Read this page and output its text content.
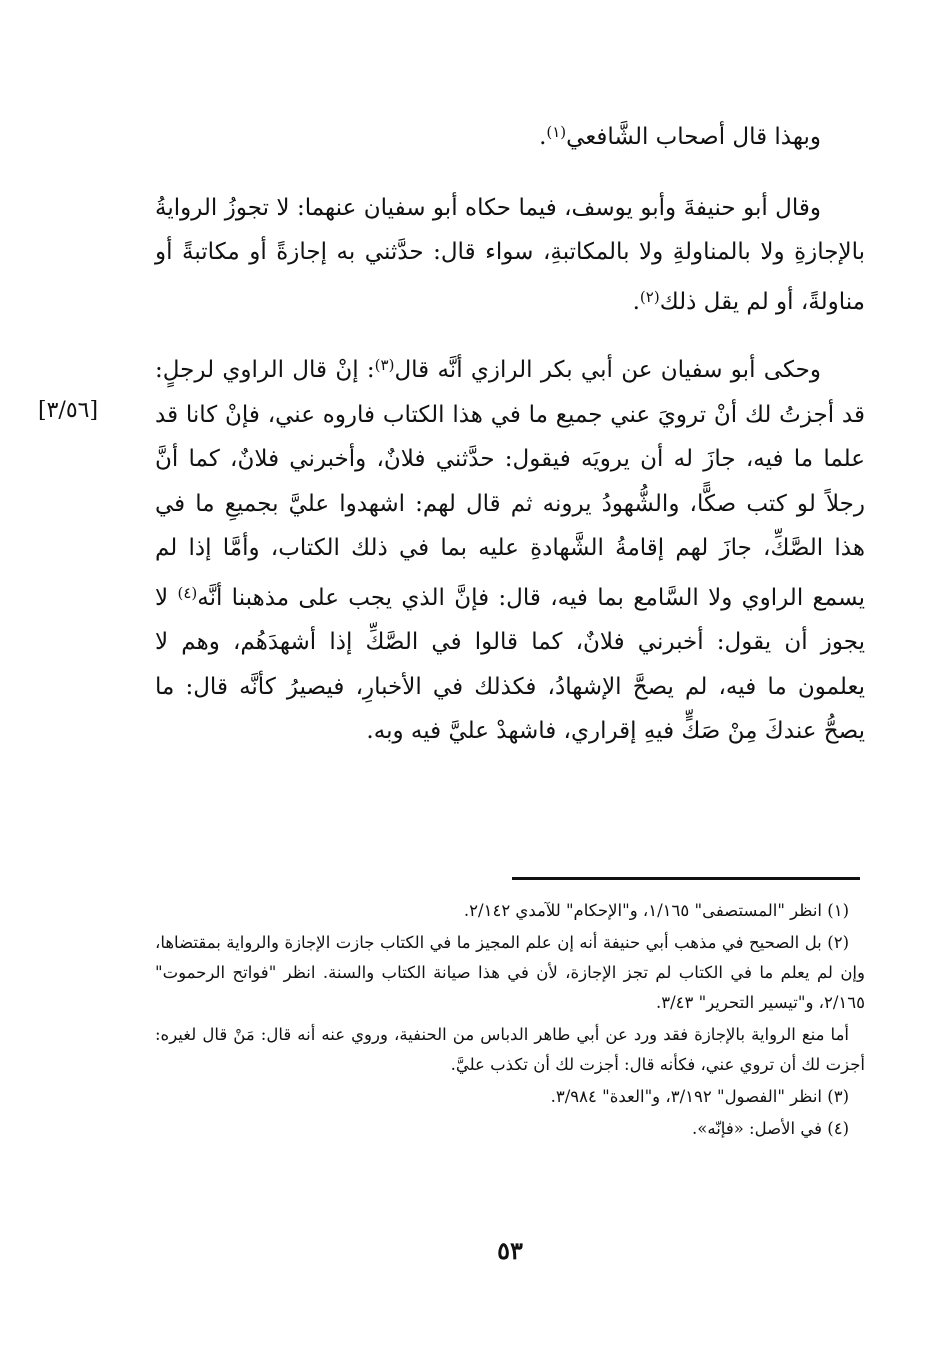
وبهذا قال أصحاب الشَّافعي$^{(١)}$.

وقال أبو حنيفةَ وأبو يوسف، فيما حكاه أبو سفيان عنهما: لا تجوزُ الروايةُ بالإجازةِ ولا بالمناولةِ ولا بالمكاتبةِ، سواء قال: حدَّثني به إجازةً أو مكاتبةً أو مناولةً، أو لم يقل ذلك$^{(٢)}$.

وحكى أبو سفيان عن أبي بكر الرازي أنَّه قال$^{(٣)}$: إنْ قال الراوي لرجلٍ: قد أجزتُ لك أنْ ترويَ عني جميع ما في هذا الكتاب فاروه عني، فإنْ كانا قد علما ما فيه، جازَ له أن يرويَه فيقول: حدَّثني فلانٌ، وأخبرني فلانٌ، كما أنَّ رجلاً لو كتب صكًّا، والشُّهودُ يرونه ثم قال لهم: اشهدوا عليَّ بجميعِ ما في هذا الصَّكِّ، جازَ لهم إقامةُ الشَّهادةِ عليه بما في ذلك الكتاب، وأمَّا إذا لم يسمع الراوي ولا السَّامع بما فيه، قال: فإنَّ الذي يجب على مذهبنا أنَّه$^{(٤)}$ لا يجوز أن يقول: أخبرني فلانٌ، كما قالوا في الصَّكِّ إذا أشهدَهُم، وهم لا يعلمون ما فيه، لم يصحَّ الإشهادُ، فكذلك في الأخبارِ، فيصيرُ كأنَّه قال: ما يصحُّ عندكَ مِنْ صَكٍّ فيهِ إقراري، فاشهدْ عليَّ فيه وبه.

[٣/٥٦]

(١) انظر "المستصفى" ١/١٦٥، و"الإحكام" للآمدي ٢/١٤٢.

(٢) بل الصحيح في مذهب أبي حنيفة أنه إن علم المجيز ما في الكتاب جازت الإجازة والرواية بمقتضاها، وإن لم يعلم ما في الكتاب لم تجز الإجازة، لأن في هذا صيانة الكتاب والسنة. انظر "فواتح الرحموت" ٢/١٦٥، و"تيسير التحرير" ٣/٤٣.

أما منع الرواية بالإجازة فقد ورد عن أبي طاهر الدباس من الحنفية، وروي عنه أنه قال: مَنْ قال لغيره: أجزت لك أن تروي عني، فكأنه قال: أجزت لك أن تكذب عليَّ.

(٣) انظر "الفصول" ٣/١٩٢، و"العدة" ٣/٩٨٤.

(٤) في الأصل: «فإنّه».

٥٣
